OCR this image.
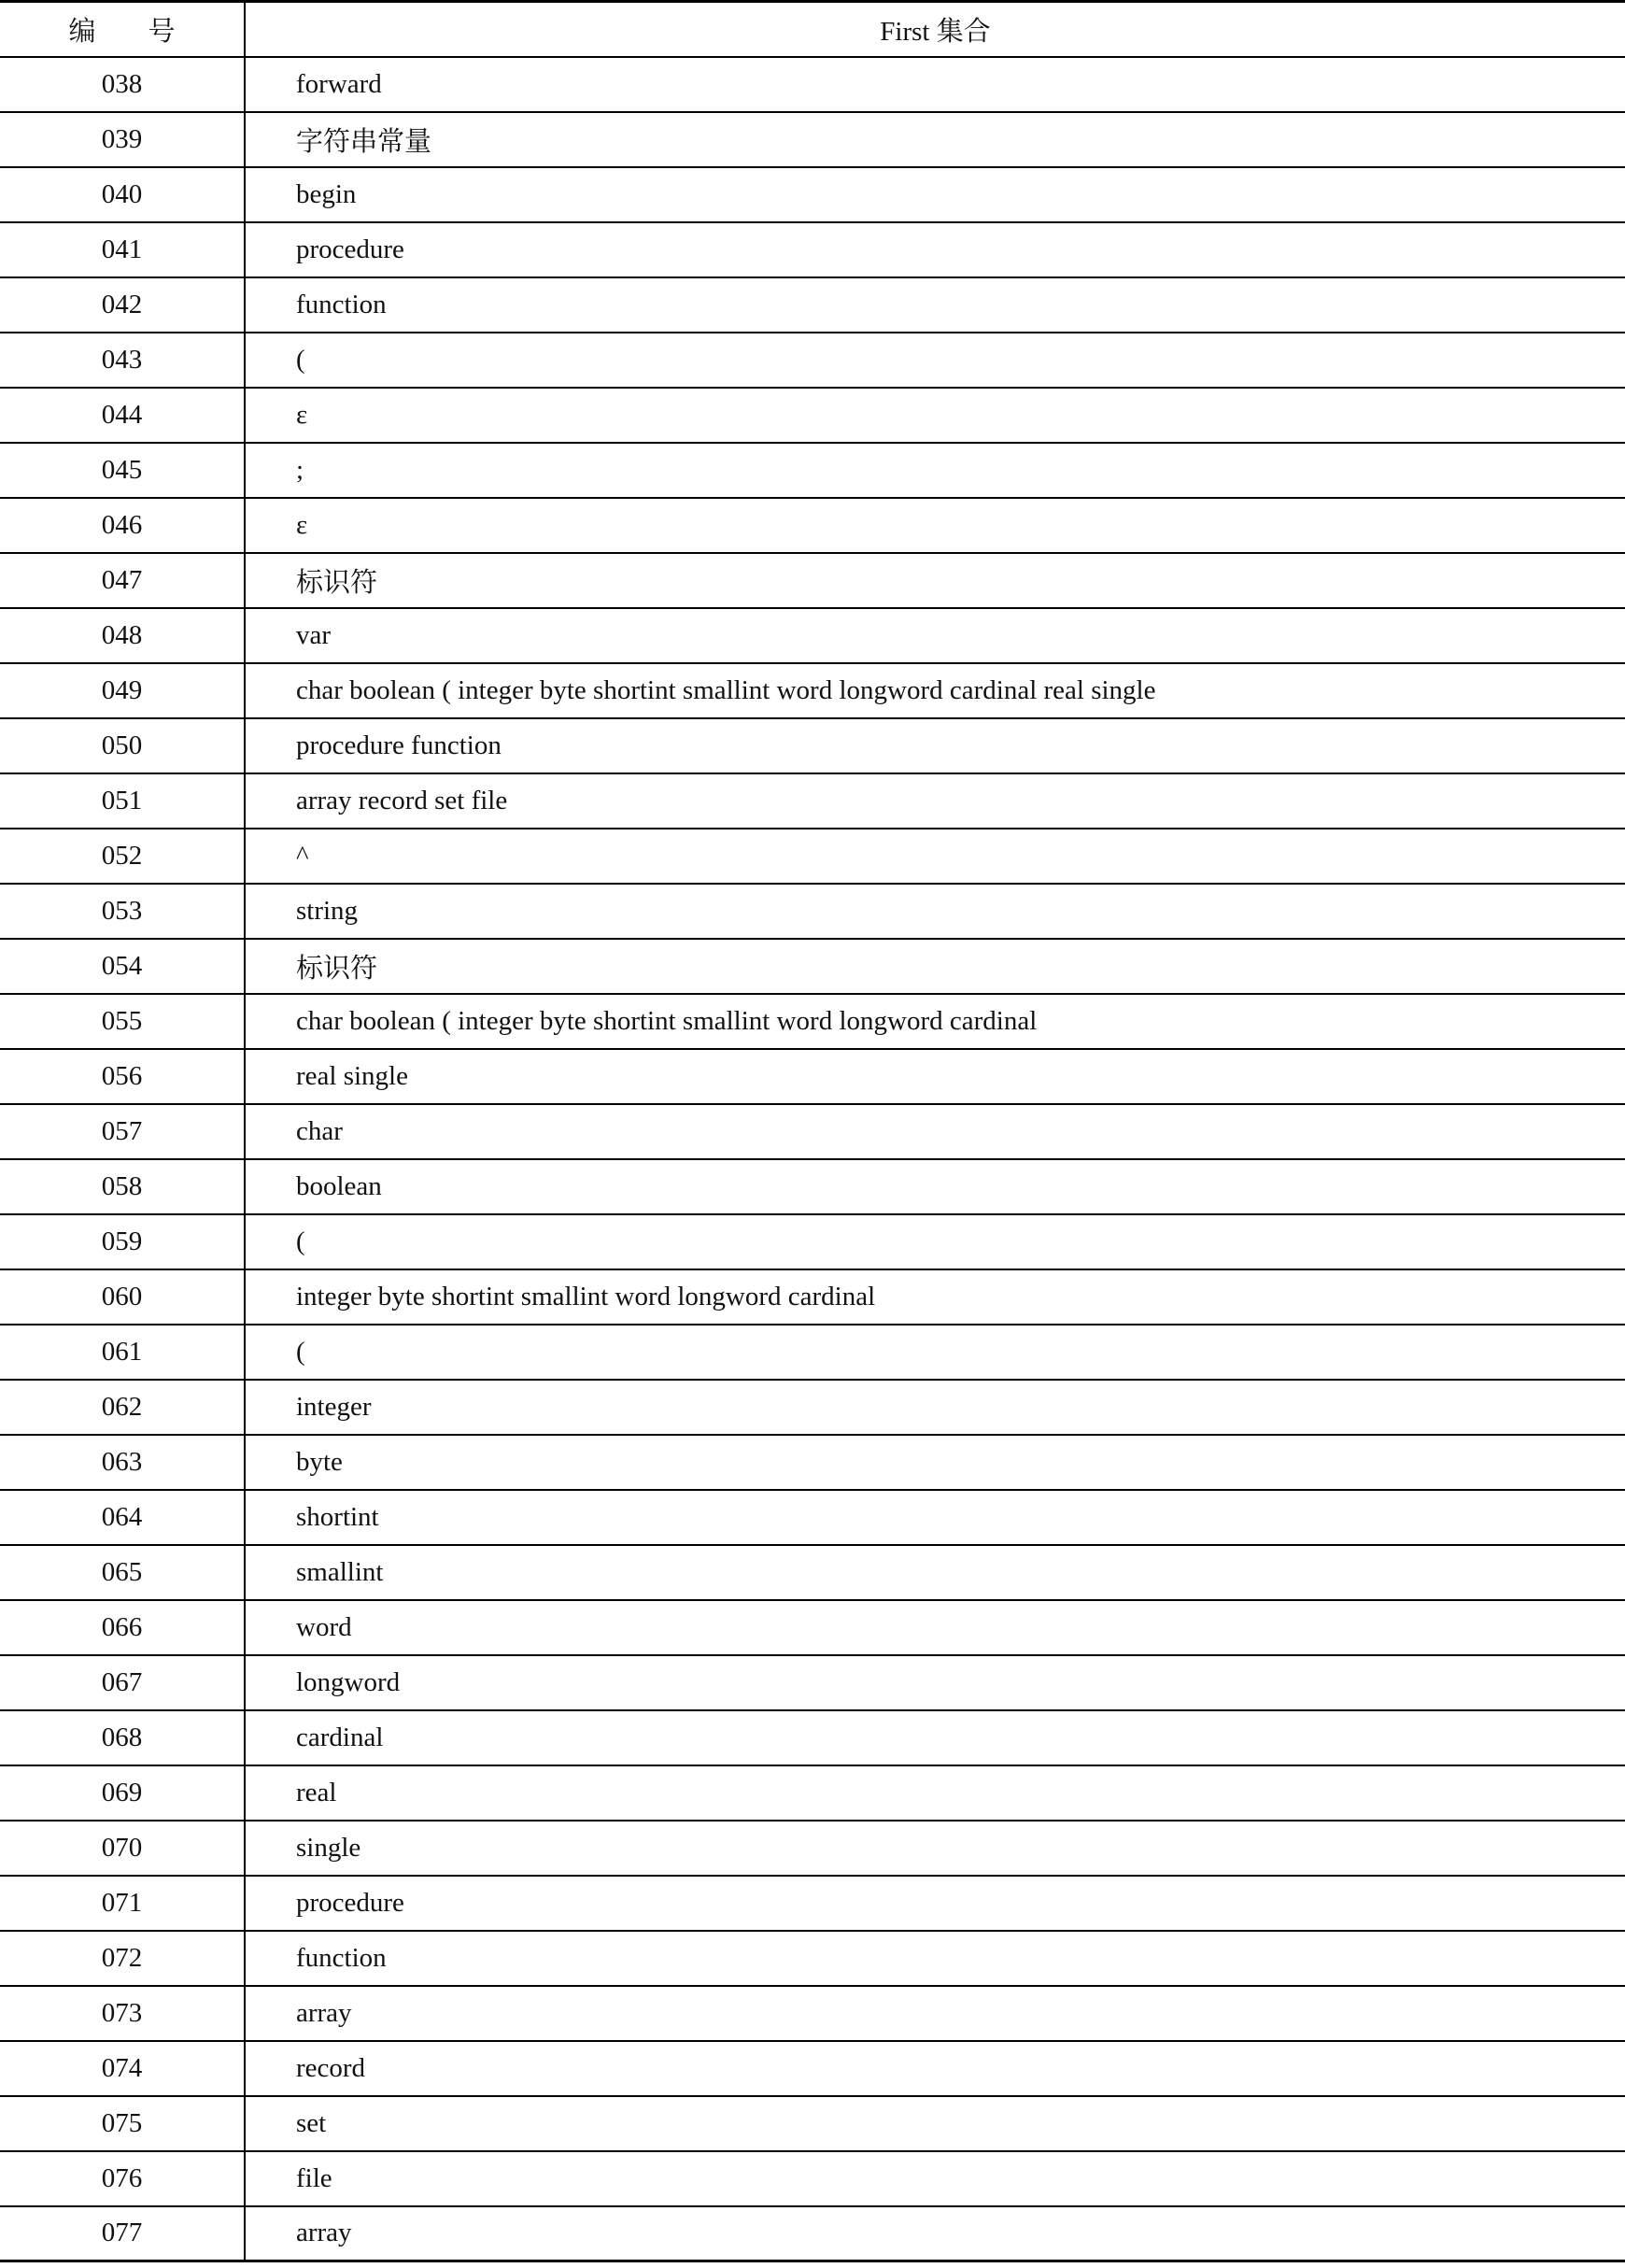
编号	First 集合
038	forward
039	字符串常量
040	begin
041	procedure
042	function
043	(
044	ε
045	;
046	ε
047	标识符
048	var
049	char boolean ( integer byte shortint smallint word longword cardinal real single
050	procedure function
051	array record set file
052	^
053	string
054	标识符
055	char boolean ( integer byte shortint smallint word longword cardinal
056	real single
057	char
058	boolean
059	(
060	integer byte shortint smallint word longword cardinal
061	(
062	integer
063	byte
064	shortint
065	smallint
066	word
067	longword
068	cardinal
069	real
070	single
071	procedure
072	function
073	array
074	record
075	set
076	file
077	array
